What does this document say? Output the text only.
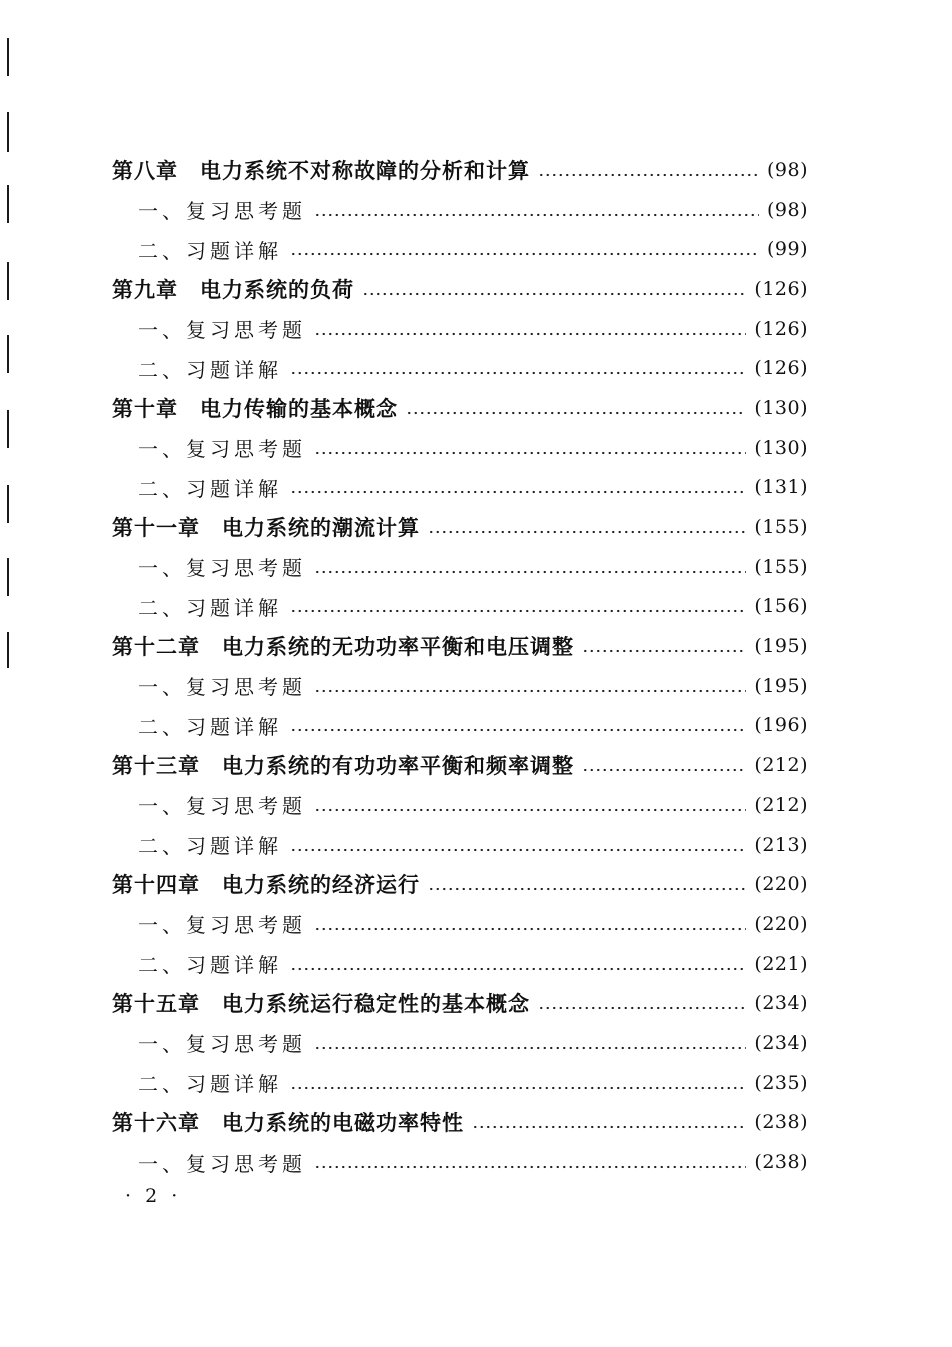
第八章　电力系统不对称故障的分析和计算	(98)
一、复习思考题	(98)
二、习题详解	(99)
第九章　电力系统的负荷	(126)
一、复习思考题	(126)
二、习题详解	(126)
第十章　电力传输的基本概念	(130)
一、复习思考题	(130)
二、习题详解	(131)
第十一章　电力系统的潮流计算	(155)
一、复习思考题	(155)
二、习题详解	(156)
第十二章　电力系统的无功功率平衡和电压调整	(195)
一、复习思考题	(195)
二、习题详解	(196)
第十三章　电力系统的有功功率平衡和频率调整	(212)
一、复习思考题	(212)
二、习题详解	(213)
第十四章　电力系统的经济运行	(220)
一、复习思考题	(220)
二、习题详解	(221)
第十五章　电力系统运行稳定性的基本概念	(234)
一、复习思考题	(234)
二、习题详解	(235)
第十六章　电力系统的电磁功率特性	(238)
一、复习思考题	(238)
· 2 ·
